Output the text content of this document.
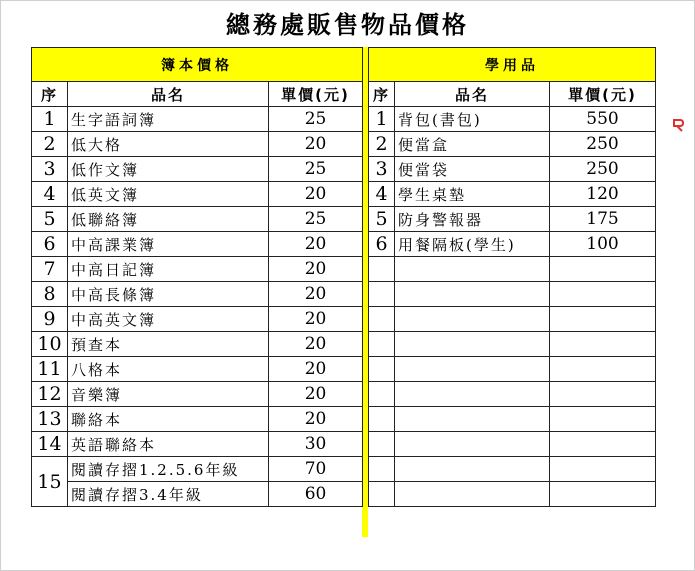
總務處販售物品價格
簿本價格		
序	品名	單價(元)
1	生字語詞簿	25
2	低大格	20
3	低作文簿	25
4	低英文簿	20
5	低聯絡簿	25
6	中高課業簿	20
7	中高日記簿	20
8	中高長條簿	20
9	中高英文簿	20
10	預查本	20
11	八格本	20
12	音樂簿	20
13	聯絡本	20
14	英語聯絡本	30
15	閱讀存摺1.2.5.6年級	70
	閱讀存摺3.4年級	60
學用品		
序	品名	單價(元)
1	背包(書包)	550
2	便當盒	250
3	便當袋	250
4	學生桌墊	120
5	防身警報器	175
6	用餐隔板(學生)	100
